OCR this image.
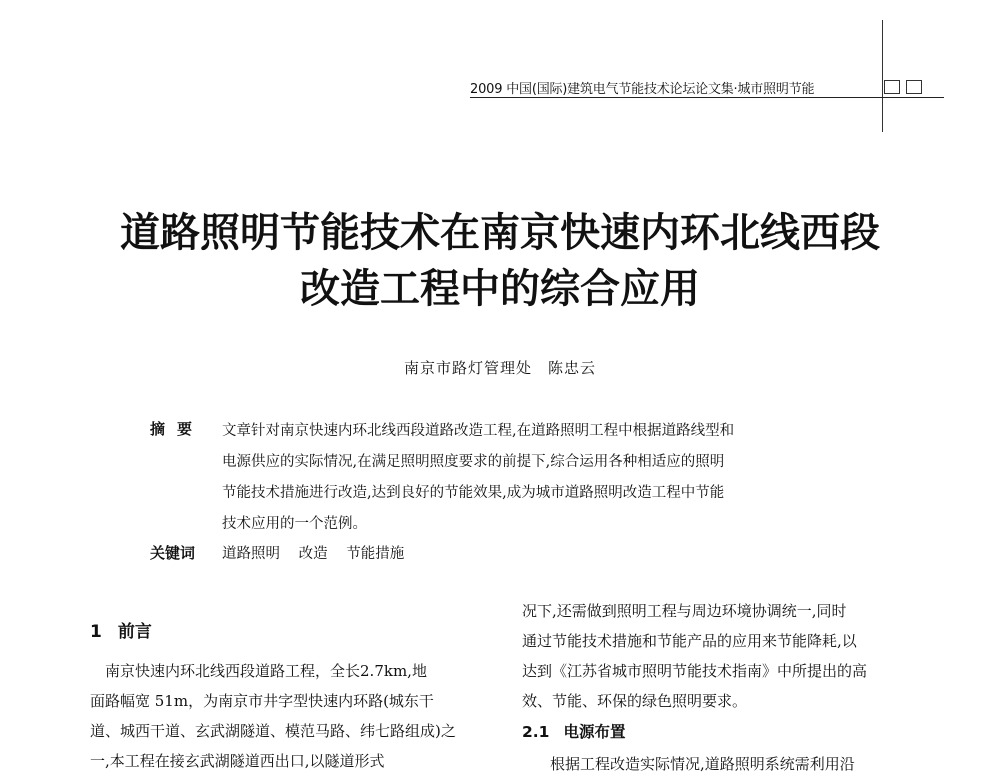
2009 中国(国际)建筑电气节能技术论坛论文集·城市照明节能
道路照明节能技术在南京快速内环北线西段
改造工程中的综合应用
南京市路灯管理处　陈忠云
摘要 文章针对南京快速内环北线西段道路改造工程,在道路照明工程中根据道路线型和
电源供应的实际情况,在满足照明照度要求的前提下,综合运用各种相适应的照明
节能技术措施进行改造,达到良好的节能效果,成为城市道路照明改造工程中节能
技术应用的一个范例。
关键词 道路照明 改造 节能措施
1 前言
　南京快速内环北线西段道路工程，全长2.7km,地
面路幅宽 51m，为南京市井字型快速内环路(城东干
道、城西干道、玄武湖隧道、模范马路、纬七路组成)之
一,本工程在接玄武湖隧道西出口,以隧道形式
况下,还需做到照明工程与周边环境协调统一,同时
通过节能技术措施和节能产品的应用来节能降耗,以
达到《江苏省城市照明节能技术指南》中所提出的高
效、节能、环保的绿色照明要求。
2.1 电源布置
根据工程改造实际情况,道路照明系统需利用沿
